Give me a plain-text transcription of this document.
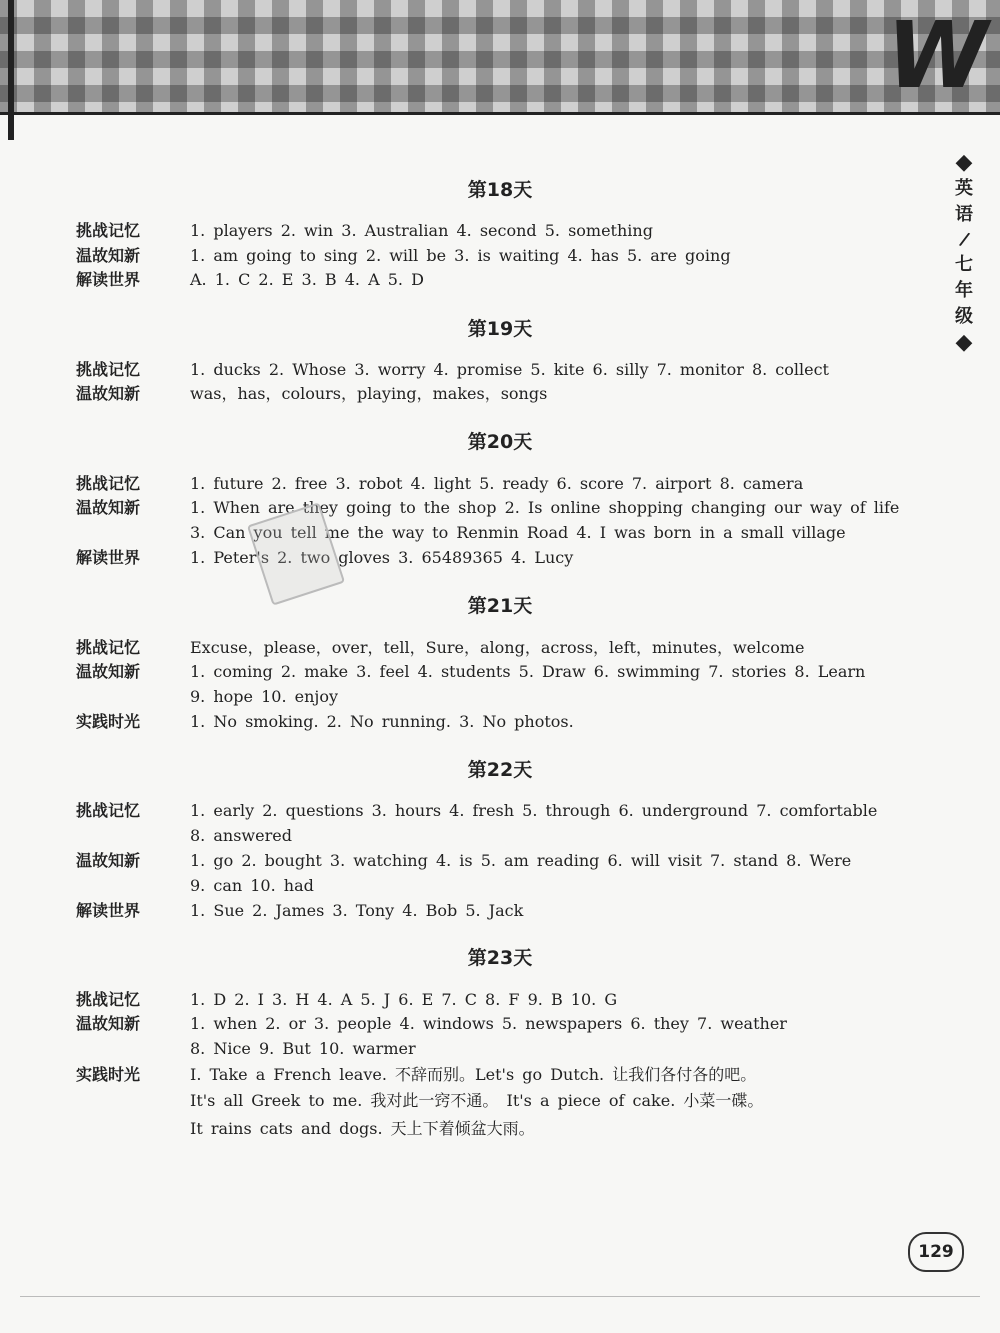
W
◆
英
语
/
七
年
级
◆
第18天
挑战记忆	1. players 2. win 3. Australian 4. second 5. something
温故知新	1. am going to sing 2. will be 3. is waiting 4. has 5. are going
解读世界	A. 1. C 2. E 3. B 4. A 5. D
第19天
挑战记忆	1. ducks 2. Whose 3. worry 4. promise 5. kite 6. silly 7. monitor 8. collect
温故知新	was，has，colours，playing，makes，songs
第20天
挑战记忆	1. future 2. free 3. robot 4. light 5. ready 6. score 7. airport 8. camera
温故知新	1. When are they going to the shop 2. Is online shopping changing our way of life
3. Can you tell me the way to Renmin Road 4. I was born in a small village
解读世界	1. Peter's 2. two gloves 3. 65489365 4. Lucy
第21天
挑战记忆	Excuse，please，over，tell，Sure，along，across，left，minutes，welcome
温故知新	1. coming 2. make 3. feel 4. students 5. Draw 6. swimming 7. stories 8. Learn
9. hope 10. enjoy
实践时光	1. No smoking. 2. No running. 3. No photos.
第22天
挑战记忆	1. early 2. questions 3. hours 4. fresh 5. through 6. underground 7. comfortable
8. answered
温故知新	1. go 2. bought 3. watching 4. is 5. am reading 6. will visit 7. stand 8. Were
9. can 10. had
解读世界	1. Sue 2. James 3. Tony 4. Bob 5. Jack
第23天
挑战记忆	1. D 2. I 3. H 4. A 5. J 6. E 7. C 8. F 9. B 10. G
温故知新	1. when 2. or 3. people 4. windows 5. newspapers 6. they 7. weather
8. Nice 9. But 10. warmer
实践时光	Ⅰ. Take a French leave. 不辞而别。Let's go Dutch. 让我们各付各的吧。
It's all Greek to me. 我对此一窍不通。 It's a piece of cake. 小菜一碟。
It rains cats and dogs. 天上下着倾盆大雨。
129
